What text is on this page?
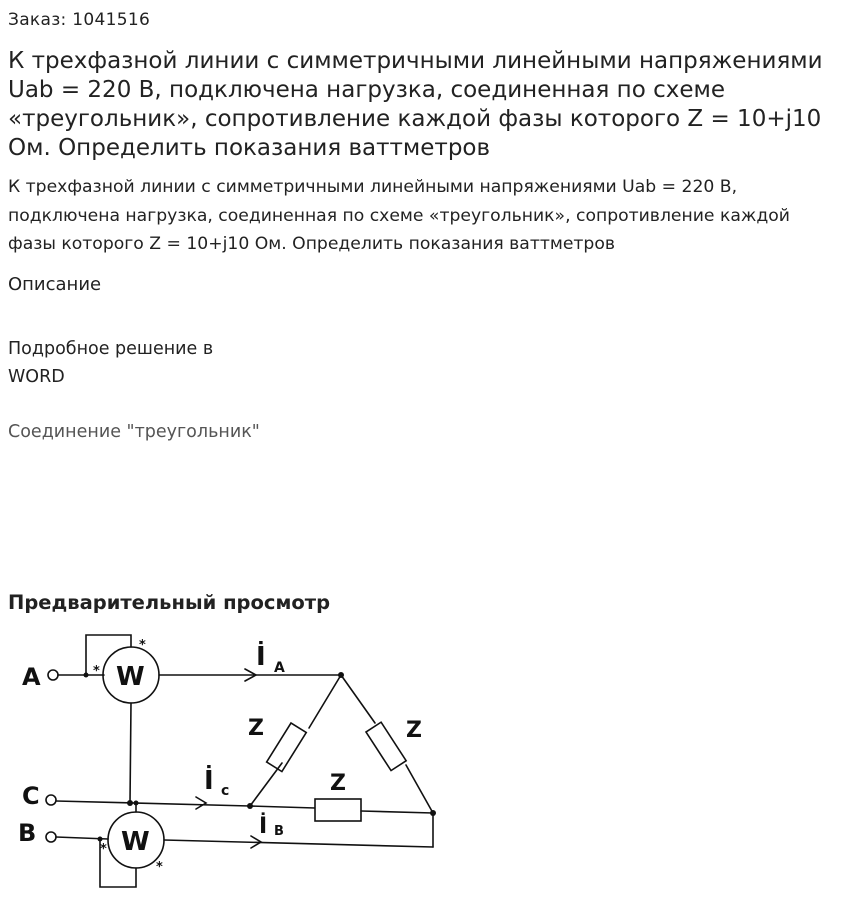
Заказ: 1041516
К трехфазной линии с симметричными линейными напряжениями Uab = 220 В, подключена нагрузка, соединенная по схеме «треугольник», сопротивление каждой фазы которого Z = 10+j10 Ом. Определить показания ваттметров

К трехфазной линии с симметричными линейными напряжениями Uab = 220 В, подключена нагрузка, соединенная по схеме «треугольник», сопротивление каждой фазы которого Z = 10+j10 Ом. Определить показания ваттметров

Описание
Подробное решение в WORD
Соединение "треугольник"
Предварительный просмотр
A
C
B
W
W
*
*
*
*
İ A
İ c
İ B
Z	Z
Z
